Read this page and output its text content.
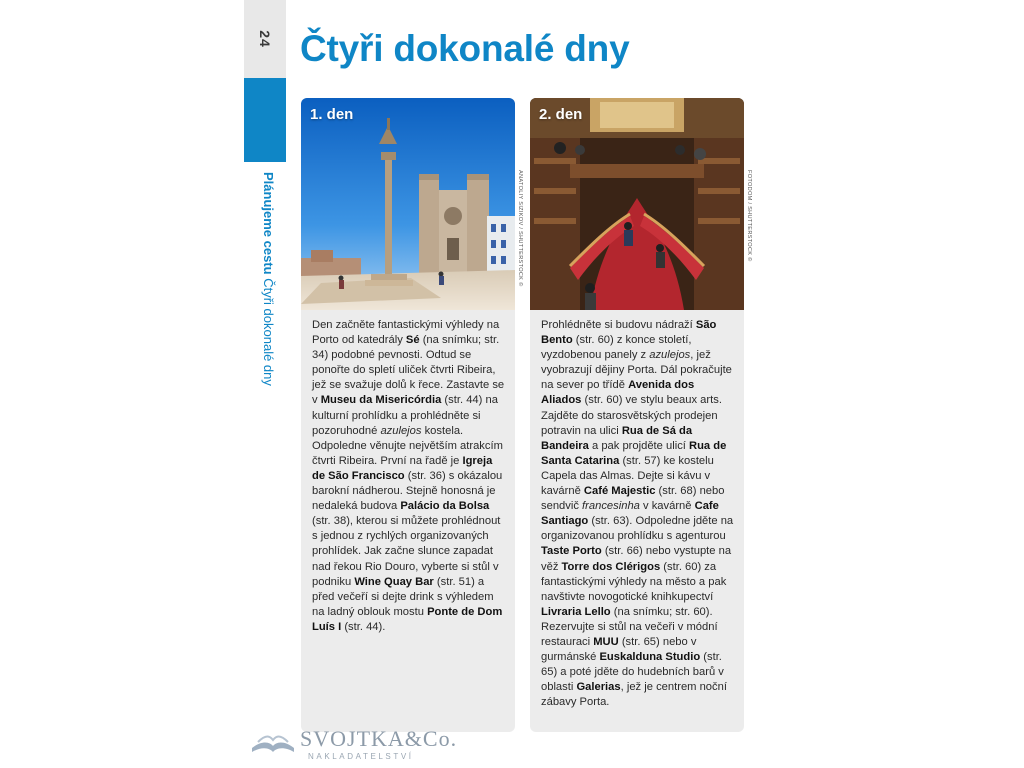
24
Plánujeme cestu Čtyři dokonalé dny
Čtyři dokonalé dny
1. den
Den začněte fantastickými výhledy na Porto od katedrály Sé (na snímku; str. 34) podobné pevnosti. Odtud se ponořte do spletí uliček čtvrti Ribeira, jež se svažuje dolů k řece. Zastavte se v Museu da Misericórdia (str. 44) na kulturní prohlídku a prohlédněte si pozoruhodné azulejos kostela. Odpoledne věnujte největším atrakcím čtvrti Ribeira. První na řadě je Igreja de São Francisco (str. 36) s okázalou barokní nádherou. Stejně honosná je nedaleká budova Palácio da Bolsa (str. 38), kterou si můžete prohlédnout s jednou z rychlých organizovaných prohlídek. Jak začne slunce zapadat nad řekou Rio Douro, vyberte si stůl v podniku Wine Quay Bar (str. 51) a před večeří si dejte drink s výhledem na ladný oblouk mostu Ponte de Dom Luís I (str. 44).
2. den
Prohlédněte si budovu nádraží São Bento (str. 60) z konce století, vyzdobenou panely z azulejos, jež vyobrazují dějiny Porta. Dál pokračujte na sever po třídě Avenida dos Aliados (str. 60) ve stylu beaux arts. Zajděte do starosvětských prodejen potravin na ulici Rua de Sá da Bandeira a pak projděte ulicí Rua de Santa Catarina (str. 57) ke kostelu Capela das Almas. Dejte si kávu v kavárně Café Majestic (str. 68) nebo sendvič francesinha v kavárně Cafe Santiago (str. 63). Odpoledne jděte na organizovanou prohlídku s agenturou Taste Porto (str. 66) nebo vystupte na věž Torre dos Clérigos (str. 60) za fantastickými výhledy na město a pak navštivte novogotické knihkupectví Livraria Lello (na snímku; str. 60). Rezervujte si stůl na večeři v módní restauraci MUU (str. 65) nebo v gurmánské Euskalduna Studio (str. 65) a poté jděte do hudebních barů v oblasti Galerias, jež je centrem noční zábavy Porta.
ANATOLIY SIZIKOV / SHUTTERSTOCK ©	FOTODOM / SHUTTERSTOCK ©
SVOJTKA&Co.
NAKLADATELSTVÍ
